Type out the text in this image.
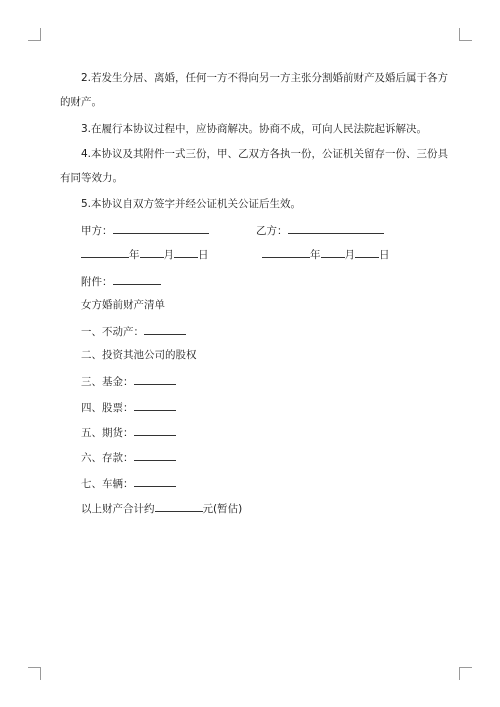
2.若发生分居、离婚，任何一方不得向另一方主张分割婚前财产及婚后属于各方
的财产。
3.在履行本协议过程中，应协商解决。协商不成，可向人民法院起诉解决。
4.本协议及其附件一式三份，甲、乙双方各执一份，公证机关留存一份、三份具
有同等效力。
5.本协议自双方签字并经公证机关公证后生效。
甲方：	乙方：
年 月 日	年 月 日
附件：
女方婚前财产清单
一、不动产：
二、投资其池公司的股权
三、基金：
四、股票：
五、期货：
六、存款：
七、车辆：
以上财产合计约	元(暂估)
